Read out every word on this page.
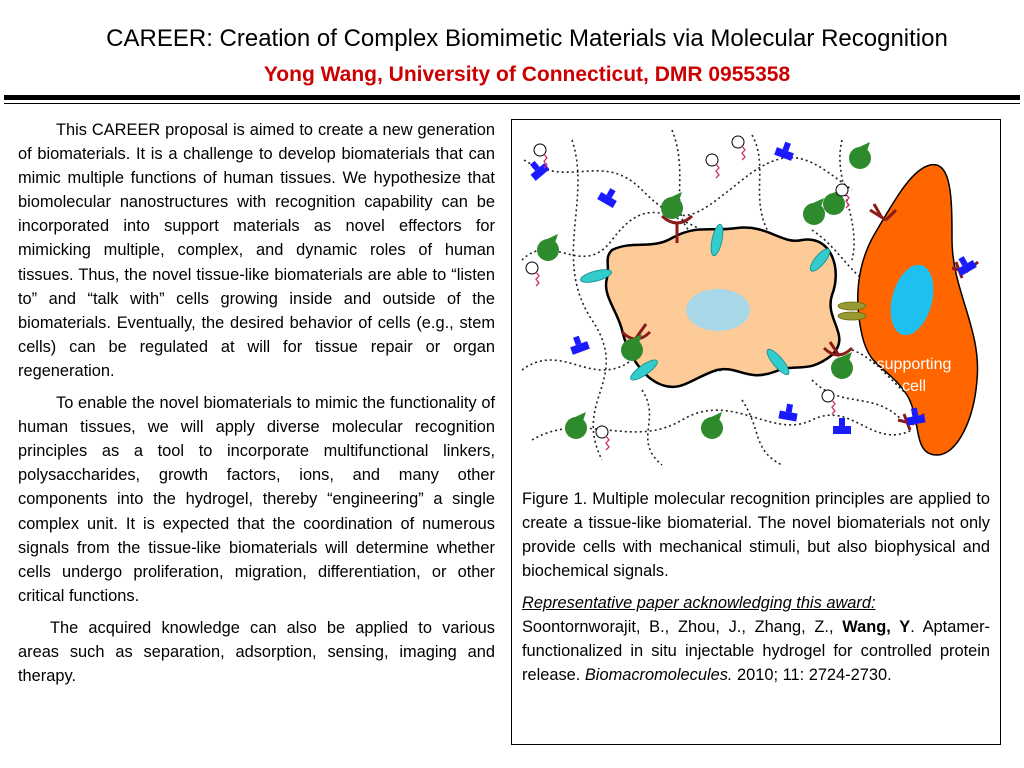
CAREER: Creation of Complex Biomimetic Materials via Molecular Recognition
Yong Wang, University of Connecticut, DMR 0955358

This CAREER proposal is aimed to create a new generation of biomaterials. It is a challenge to develop biomaterials that can mimic multiple functions of human tissues. We hypothesize that biomolecular nanostructures with recognition capability can be incorporated into support materials as novel effectors for mimicking multiple, complex, and dynamic roles of human tissues. Thus, the novel tissue-like biomaterials are able to “listen to” and “talk with” cells growing inside and outside of the biomaterials. Eventually, the desired behavior of cells (e.g., stem cells) can be regulated at will for tissue repair or organ regeneration.

To enable the novel biomaterials to mimic the functionality of human tissues, we will apply diverse molecular recognition principles as a tool to incorporate multifunctional linkers, polysaccharides, growth factors, ions, and many other components into the hydrogel, thereby “engineering” a single complex unit. It is expected that the coordination of numerous signals from the tissue-like biomaterials will determine whether cells undergo proliferation, migration, differentiation, or other critical functions.

The acquired knowledge can also be applied to various areas such as separation, adsorption, sensing, imaging and therapy.

supporting cell

Figure 1. Multiple molecular recognition principles are applied to create a tissue-like biomaterial. The novel biomaterials not only provide cells with mechanical stimuli, but also biophysical and biochemical signals.

Representative paper acknowledging this award:
Soontornworajit, B., Zhou, J., Zhang, Z., Wang, Y. Aptamer-functionalized in situ injectable hydrogel for controlled protein release. Biomacromolecules. 2010; 11: 2724-2730.
